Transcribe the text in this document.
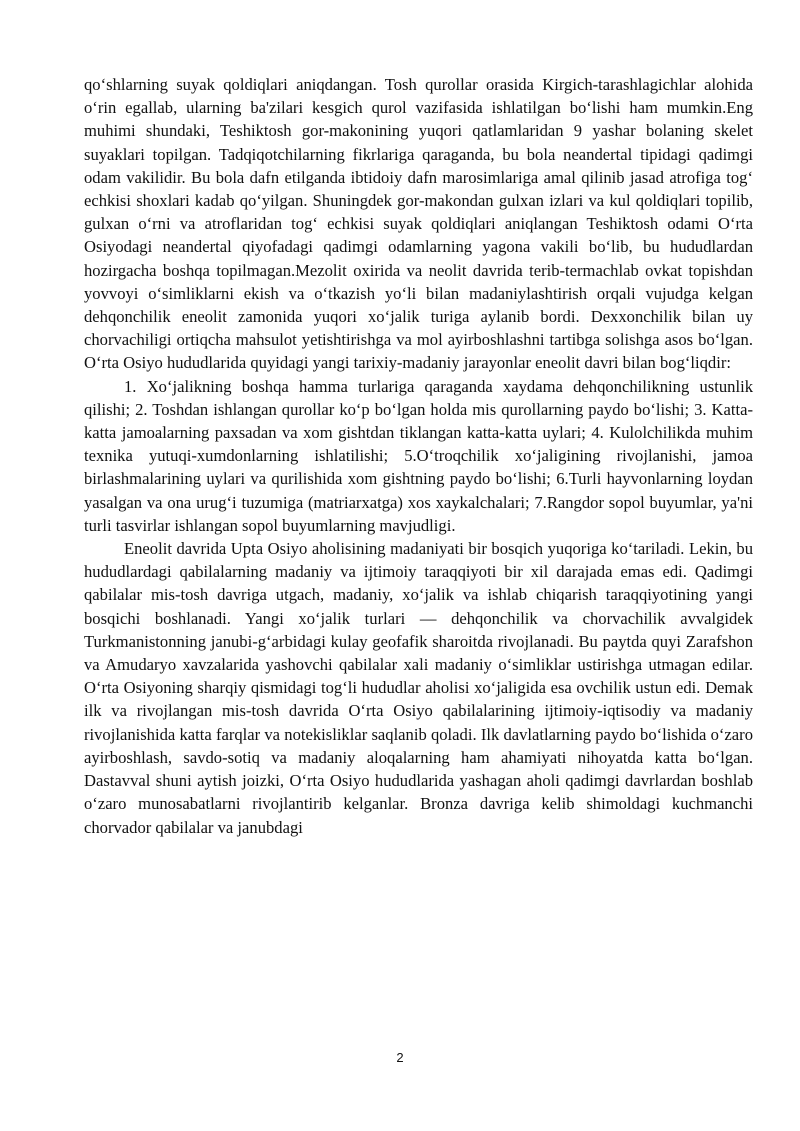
qo‘shlarning suyak qoldiqlari aniqdangan. Tosh qurollar orasida Kirgich-tarashlagichlar alohida o‘rin egallab, ularning ba'zilari kesgich qurol vazifasida ishlatilgan bo‘lishi ham mumkin.Eng muhimi shundaki, Teshiktosh gor-makonining yuqori qatlamlaridan 9 yashar bolaning skelet suyaklari topilgan. Tadqiqotchilarning fikrlariga qaraganda, bu bola neandertal tipidagi qadimgi odam vakilidir. Bu bola dafn etilganda ibtidoiy dafn marosimlariga amal qilinib jasad atrofiga tog‘ echkisi shoxlari kadab qo‘yilgan. Shuningdek gor-makondan gulxan izlari va kul qoldiqlari topilib, gulxan o‘rni va atroflaridan tog‘ echkisi suyak qoldiqlari aniqlangan Teshiktosh odami O‘rta Osiyodagi neandertal qiyofadagi qadimgi odamlarning yagona vakili bo‘lib, bu hududlardan hozirgacha boshqa topilmagan.Mezolit oxirida va neolit davrida terib-termachlab ovkat topishdan yovvoyi o‘simliklarni ekish va o‘tkazish yo‘li bilan madaniylashtirish orqali vujudga kelgan dehqonchilik eneolit zamonida yuqori xo‘jalik turiga aylanib bordi. Dexxonchilik bilan uy chorvachiligi ortiqcha mahsulot yetishtirishga va mol ayirboshlashni tartibga solishga asos bo‘lgan. O‘rta Osiyo hududlarida quyidagi yangi tarixiy-madaniy jarayonlar eneolit davri bilan bog‘liqdir:

1. Xo‘jalikning boshqa hamma turlariga qaraganda xaydama dehqonchilikning ustunlik qilishi; 2. Toshdan ishlangan qurollar ko‘p bo‘lgan holda mis qurollarning paydo bo‘lishi; 3. Katta-katta jamoalarning paxsadan va xom gishtdan tiklangan katta-katta uylari; 4. Kulolchilikda muhim texnika yutuqi-xumdonlarning ishlatilishi; 5.O‘troqchilik xo‘jaligining rivojlanishi, jamoa birlashmalarining uylari va qurilishida xom gishtning paydo bo‘lishi; 6.Turli hayvonlarning loydan yasalgan va ona urug‘i tuzumiga (matriarxatga) xos xaykalchalari; 7.Rangdor sopol buyumlar, ya'ni turli tasvirlar ishlangan sopol buyumlarning mavjudligi.

Eneolit davrida Upta Osiyo aholisining madaniyati bir bosqich yuqoriga ko‘tariladi. Lekin, bu hududlardagi qabilalarning madaniy va ijtimoiy taraqqiyoti bir xil darajada emas edi. Qadimgi qabilalar mis-tosh davriga utgach, madaniy, xo‘jalik va ishlab chiqarish taraqqiyotining yangi bosqichi boshlanadi. Yangi xo‘jalik turlari — dehqonchilik va chorvachilik avvalgidek Turkmanistonning janubi-g‘arbidagi kulay geofafik sharoitda rivojlanadi. Bu paytda quyi Zarafshon va Amudaryo xavzalarida yashovchi qabilalar xali madaniy o‘simliklar ustirishga utmagan edilar. O‘rta Osiyoning sharqiy qismidagi tog‘li hududlar aholisi xo‘jaligida esa ovchilik ustun edi. Demak ilk va rivojlangan mis-tosh davrida O‘rta Osiyo qabilalarining ijtimoiy-iqtisodiy va madaniy rivojlanishida katta farqlar va notekisliklar saqlanib qoladi. Ilk davlatlarning paydo bo‘lishida o‘zaro ayirboshlash, savdo-sotiq va madaniy aloqalarning ham ahamiyati nihoyatda katta bo‘lgan. Dastavval shuni aytish joizki, O‘rta Osiyo hududlarida yashagan aholi qadimgi davrlardan boshlab o‘zaro munosabatlarni rivojlantirib kelganlar. Bronza davriga kelib shimoldagi kuchmanchi chorvador qabilalar va janubdagi

2
